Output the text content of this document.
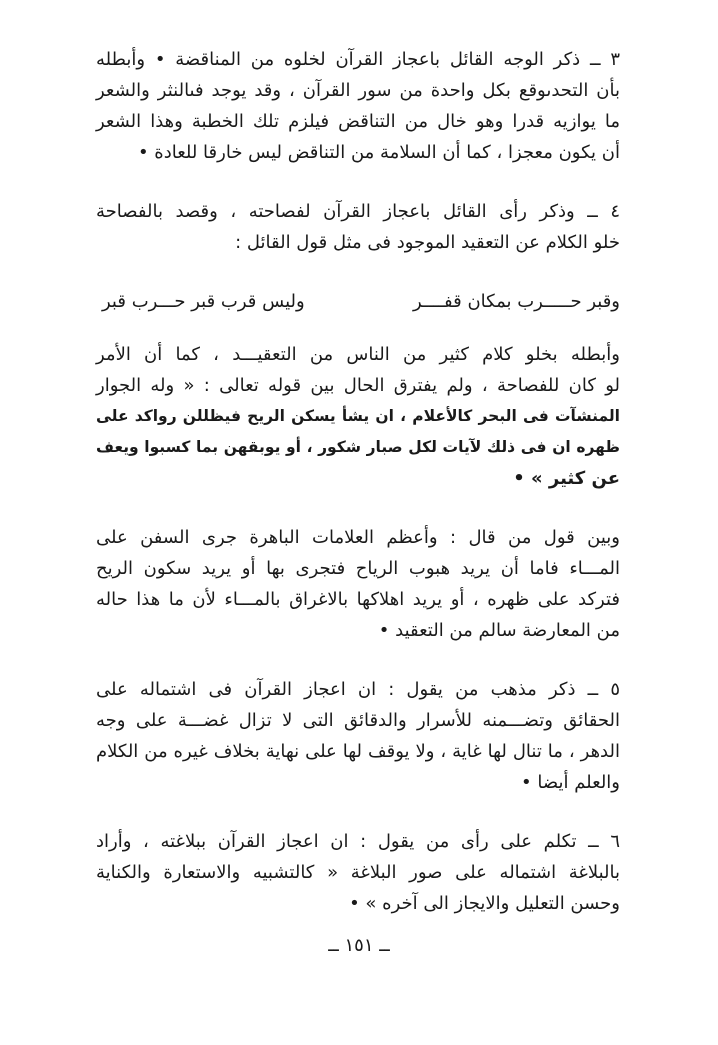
٣ ــ ذكر الوجه القائل باعجاز القرآن لخلوه من المناقضة • وأبطله
بأن التحدىوقع بكل واحدة من سور القرآن ، وقد يوجد فىالنثر والشعر
ما يوازيه قدرا وهو خال من التناقض فيلزم تلك الخطبة وهذا الشعر
أن يكون معجزا ، كما أن السلامة من التناقض ليس خارقا للعادة •
٤ ــ وذكر رأى القائل باعجاز القرآن لفصاحته ، وقصد بالفصاحة
خلو الكلام عن التعقيد الموجود فى مثل قول القائل :
وقبر حـــــرب بمكان قفــــر
وليس قرب قبر حـــرب قبر
وأبطله بخلو كلام كثير من الناس من التعقيـــد ، كما أن الأمر
لو كان للفصاحة ، ولم يفترق الحال بين قوله تعالى : « وله الجوار
المنشآت فى البحر كالأعلام ، ان يشأ يسكن الريح فيظللن رواكد على
ظهره ان فى ذلك لآيات لكل صبار شكور ، أو يوبقهن بما كسبوا ويعف
عن كثير » •
وبين قول من قال : وأعظم العلامات الباهرة جرى السفن على
المـــاء فاما أن يريد هبوب الرياح فتجرى بها أو يريد سكون الريح
فتركد على ظهره ، أو يريد اهلاكها بالاغراق بالمـــاء لأن ما هذا حاله
من المعارضة سالم من التعقيد •
٥ ــ ذكر مذهب من يقول : ان اعجاز القرآن فى اشتماله على
الحقائق وتضـــمنه للأسرار والدقائق التى لا تزال غضـــة على وجه
الدهر ، ما تنال لها غاية ، ولا يوقف لها على نهاية بخلاف غيره من الكلام
والعلم أيضا •
٦ ــ تكلم على رأى من يقول : ان اعجاز القرآن ببلاغته ، وأراد
بالبلاغة اشتماله على صور البلاغة « كالتشبيه والاستعارة والكناية
وحسن التعليل والايجاز الى آخره » •
ــ ١٥١ ــ
